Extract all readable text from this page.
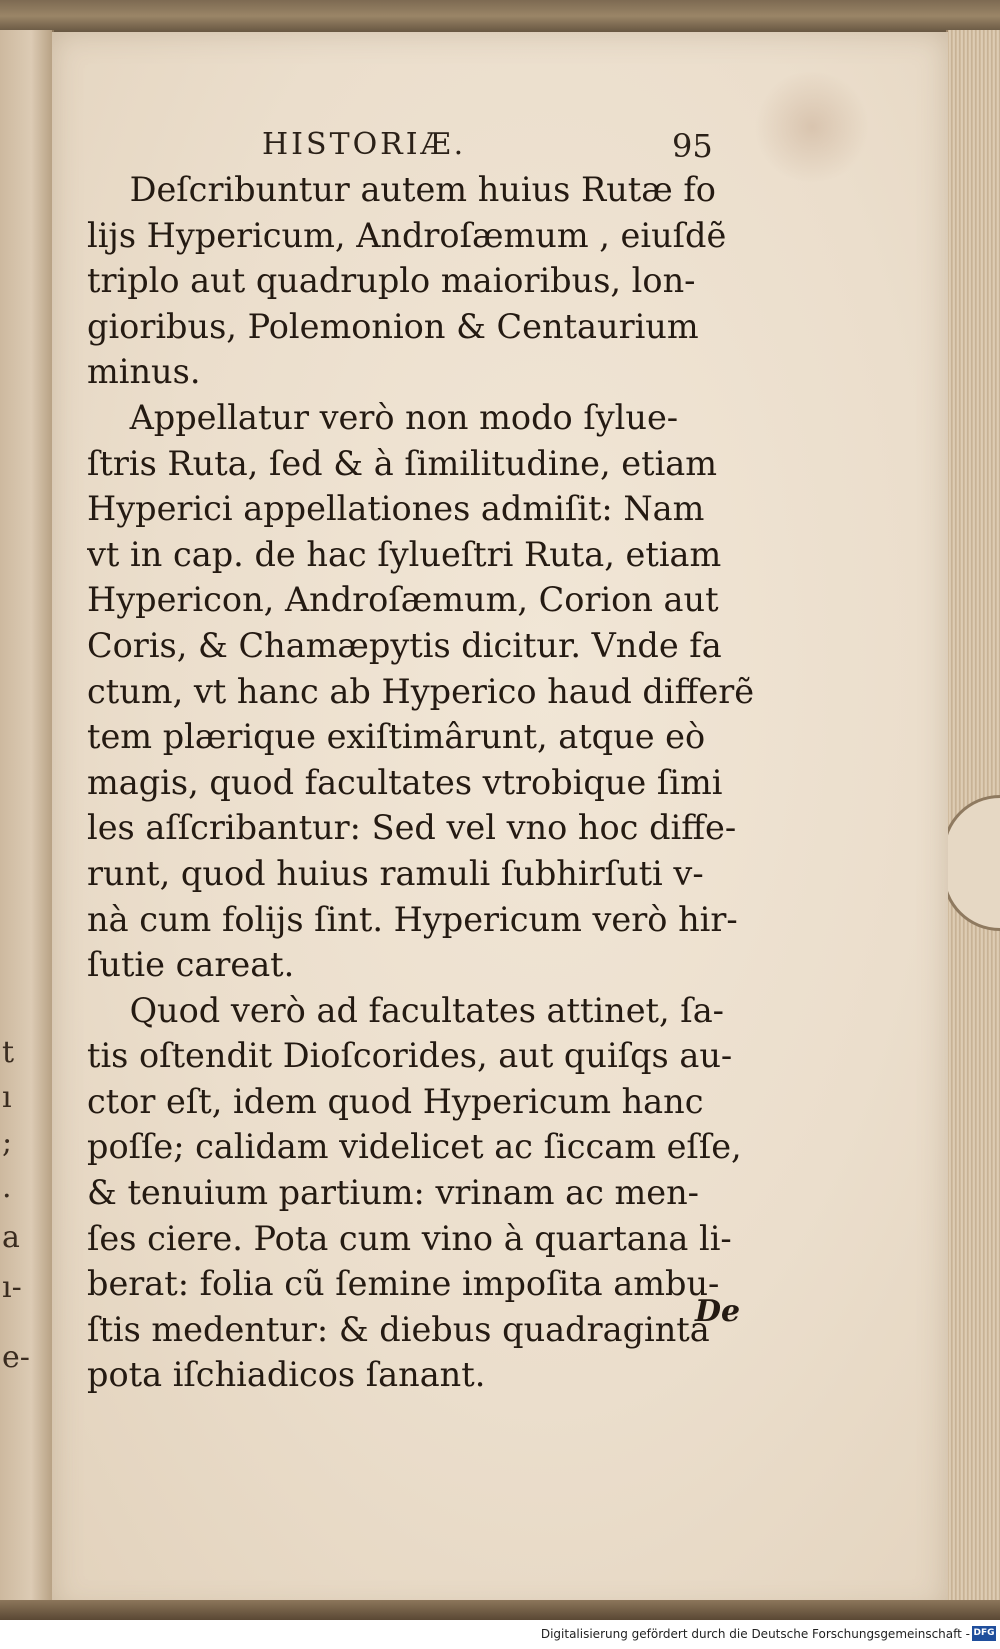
t
ı
;
.
a
ı-
e-
HISTORIÆ.	95
Deſcribuntur autem huius Rutæ fo
lijs Hypericum, Androſæmum , eiuſdẽ
triplo aut quadruplo maioribus, lon-
gioribus, Polemonion & Centaurium
minus.
Appellatur verò non modo ſylue-
ſtris Ruta, ſed & à ſimilitudine, etiam
Hyperici appellationes admiſit: Nam
vt in cap. de hac ſylueſtri Ruta, etiam
Hypericon, Androſæmum, Corion aut
Coris, & Chamæpytis dicitur. Vnde fa
ctum, vt hanc ab Hyperico haud differẽ
tem plærique exiſtimârunt, atque eò
magis, quod facultates vtrobique ſimi
les aſſcribantur: Sed vel vno hoc diffe-
runt, quod huius ramuli ſubhirſuti v-
nà cum folijs ſint. Hypericum verò hir-
ſutie careat.
Quod verò ad facultates attinet, ſa-
tis oſtendit Dioſcorides, aut quiſqs au-
ctor eſt, idem quod Hypericum hanc
poſſe; calidam videlicet ac ſiccam eſſe,
& tenuium partium: vrinam ac men-
ſes ciere. Pota cum vino à quartana li-
berat: folia cũ ſemine impoſita ambu-
ſtis medentur: & diebus quadraginta
pota iſchiadicos ſanant.
De
Digitalisierung gefördert durch die Deutsche Forschungsgemeinschaft - DFG
